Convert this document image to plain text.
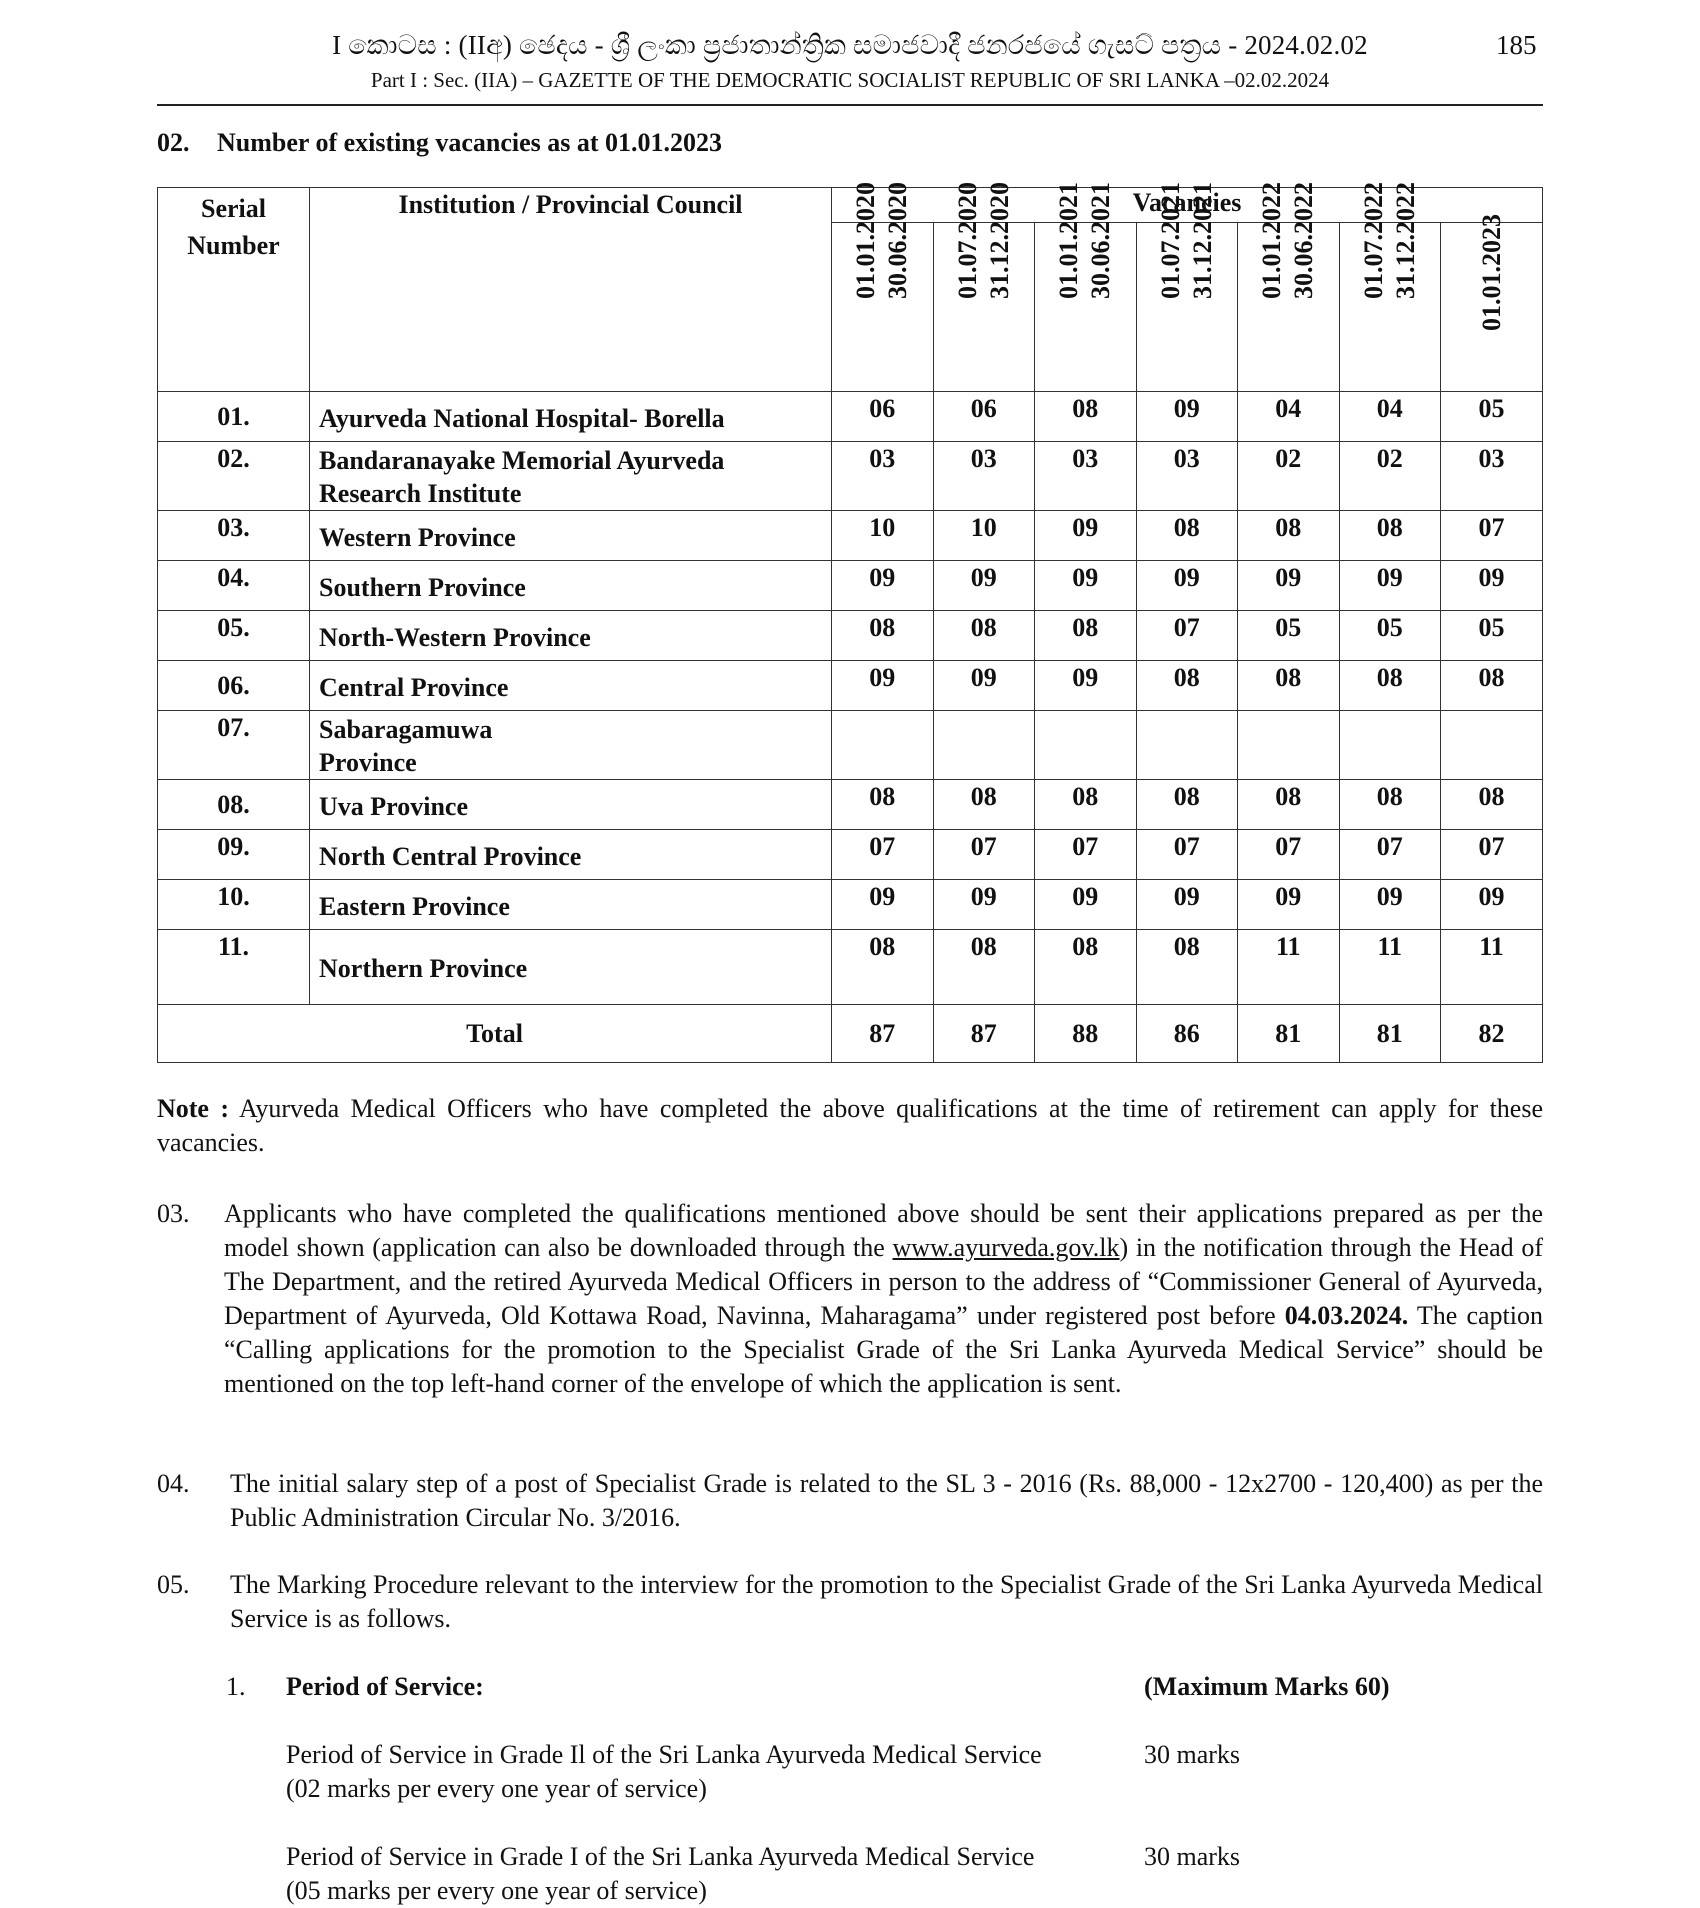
I කොටස : (IIඅ) ඡෙදය - ශ්‍රී ලංකා ප්‍රජාතාන්ත්‍රික සමාජවාදී ජනරජයේ ගැසට් පත්‍රය - 2024.02.02
Part I : Sec. (IIA) – GAZETTE OF THE DEMOCRATIC SOCIALIST REPUBLIC OF SRI LANKA –02.02.2024
185
02. Number of existing vacancies as at 01.01.2023
Serial
Number	Institution / Provincial Council	Vacancies						

		01.01.2020 30.06.2020	01.07.2020 31.12.2020	01.01.2021 30.06.2021	01.07.2021 31.12.2021	01.01.2022 30.06.2022	01.07.2022 31.12.2022	01.01.2023

01.	Ayurveda National Hospital- Borella	06	06	08	09	04	04	05
02.	Bandaranayake Memorial Ayurveda
Research Institute	03	03	03	03	02	02	03
03.	Western Province	10	10	09	08	08	08	07
04.	Southern Province	09	09	09	09	09	09	09
05.	North-Western Province	08	08	08	07	05	05	05
06.	Central Province	09	09	09	08	08	08	08
07.	Sabaragamuwa
Province							
08.	Uva Province	08	08	08	08	08	08	08
09.	North Central Province	07	07	07	07	07	07	07
10.	Eastern Province	09	09	09	09	09	09	09
11.	Northern Province	08	08	08	08	11	11	11
Total		87	87	88	86	81	81	82
Note : Ayurveda Medical Officers who have completed the above qualifications at the time of retirement can apply for these vacancies.
03. Applicants who have completed the qualifications mentioned above should be sent their applications prepared as per the model shown (application can also be downloaded through the www.ayurveda.gov.lk) in the notification through the Head of The Department, and the retired Ayurveda Medical Officers in person to the address of “Commissioner General of Ayurveda, Department of Ayurveda, Old Kottawa Road, Navinna, Maharagama” under registered post before 04.03.2024. The caption “Calling applications for the promotion to the Specialist Grade of the Sri Lanka Ayurveda Medical Service” should be mentioned on the top left-hand corner of the envelope of which the application is sent.
04. The initial salary step of a post of Specialist Grade is related to the SL 3 - 2016 (Rs. 88,000 - 12x2700 - 120,400) as per the Public Administration Circular No. 3/2016.
05. The Marking Procedure relevant to the interview for the promotion to the Specialist Grade of the Sri Lanka Ayurveda Medical Service is as follows.
1. Period of Service:	(Maximum Marks 60)
Period of Service in Grade Il of the Sri Lanka Ayurveda Medical Service
(02 marks per every one year of service)
30 marks
Period of Service in Grade I of the Sri Lanka Ayurveda Medical Service
(05 marks per every one year of service)
30 marks
